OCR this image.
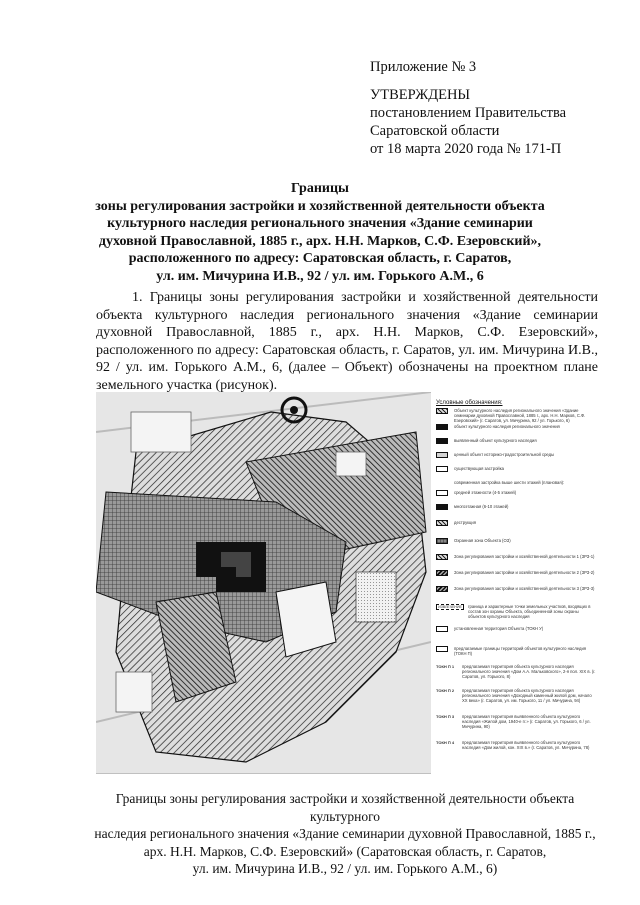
Приложение № 3
УТВЕРЖДЕНЫ
постановлением Правительства
Саратовской области
от 18 марта 2020 года № 171-П
Границы
зоны регулирования застройки и хозяйственной деятельности объекта
культурного наследия регионального значения «Здание семинарии
духовной Православной, 1885 г., арх. Н.Н. Марков, С.Ф. Езеровский»,
расположенного по адресу: Саратовская область, г. Саратов,
ул. им. Мичурина И.В., 92 / ул. им. Горького А.М., 6
1. Границы зоны регулирования застройки и хозяйственной деятельности объекта культурного наследия регионального значения «Здание семинарии духовной Православной, 1885 г., арх. Н.Н. Марков, С.Ф. Езеровский», расположенного по адресу: Саратовская область, г. Саратов, ул. им. Мичурина И.В., 92 / ул. им. Горького А.М., 6, (далее – Объект) обозначены на проектном плане земельного участка (рисунок).
Условные обозначения:
Объект культурного наследия регионального значения «Здание семинарии духовной Православной, 1885 г., арх. Н.Н. Марков, С.Ф. Езеровский» (г. Саратов, ул. Мичурина, 92 / ул. Горького, 6)
объект культурного наследия регионального значения
выявленный объект культурного наследия
ценный объект историко-градостроительной среды
существующая застройка
современная застройка выше шести этажей (плановая):
средней этажности (4-5 этажей)
многоэтажная (6-10 этажей)
деструкция
Охранная зона Объекта (ОЗ)
Зона регулирования застройки и хозяйственной деятельности 1 (ЗРЗ-1)
Зона регулирования застройки и хозяйственной деятельности 2 (ЗРЗ-2)
Зона регулирования застройки и хозяйственной деятельности 3 (ЗРЗ-3)
ИЗВЛЕЧЕНИЕ	граница и характерные точки земельных участков, входящих в состав зон охраны Объекта, объединенной зоны охраны объектов культурного наследия
установленная территория Объекта (ТОКН У)
предлагаемые границы территорий объектов культурного наследия (ТОКН П)
ТОКН П 1	предлагаемая территория объекта культурного наследия регионального значения «Дом А.А. Мальковского», 2-я пол. XIX в. (г. Саратов, ул. Горького, 8)
ТОКН П 2	предлагаемая территория объекта культурного наследия регионального значения «Доходный каменный жилой дом, начало XX века» (г. Саратов, ул. им. Горького, 11 / ул. Мичурина, 94)
ТОКН П 3	предлагаемая территория выявленного объекта культурного наследия «Жилой дом, 1940-е гг.» (г. Саратов, ул. Горького, 6 / ул. Мичурина, 90)
ТОКН П 4	предлагаемая территория выявленного объекта культурного наследия «Дом жилой, кон. XIX в.» (г. Саратов, ул. Мичурина, 78)
Границы зоны регулирования застройки и хозяйственной деятельности объекта культурного
наследия регионального значения «Здание семинарии духовной Православной, 1885 г.,
арх. Н.Н. Марков, С.Ф. Езеровский» (Саратовская область, г. Саратов,
ул. им. Мичурина И.В., 92 / ул. им. Горького А.М., 6)
